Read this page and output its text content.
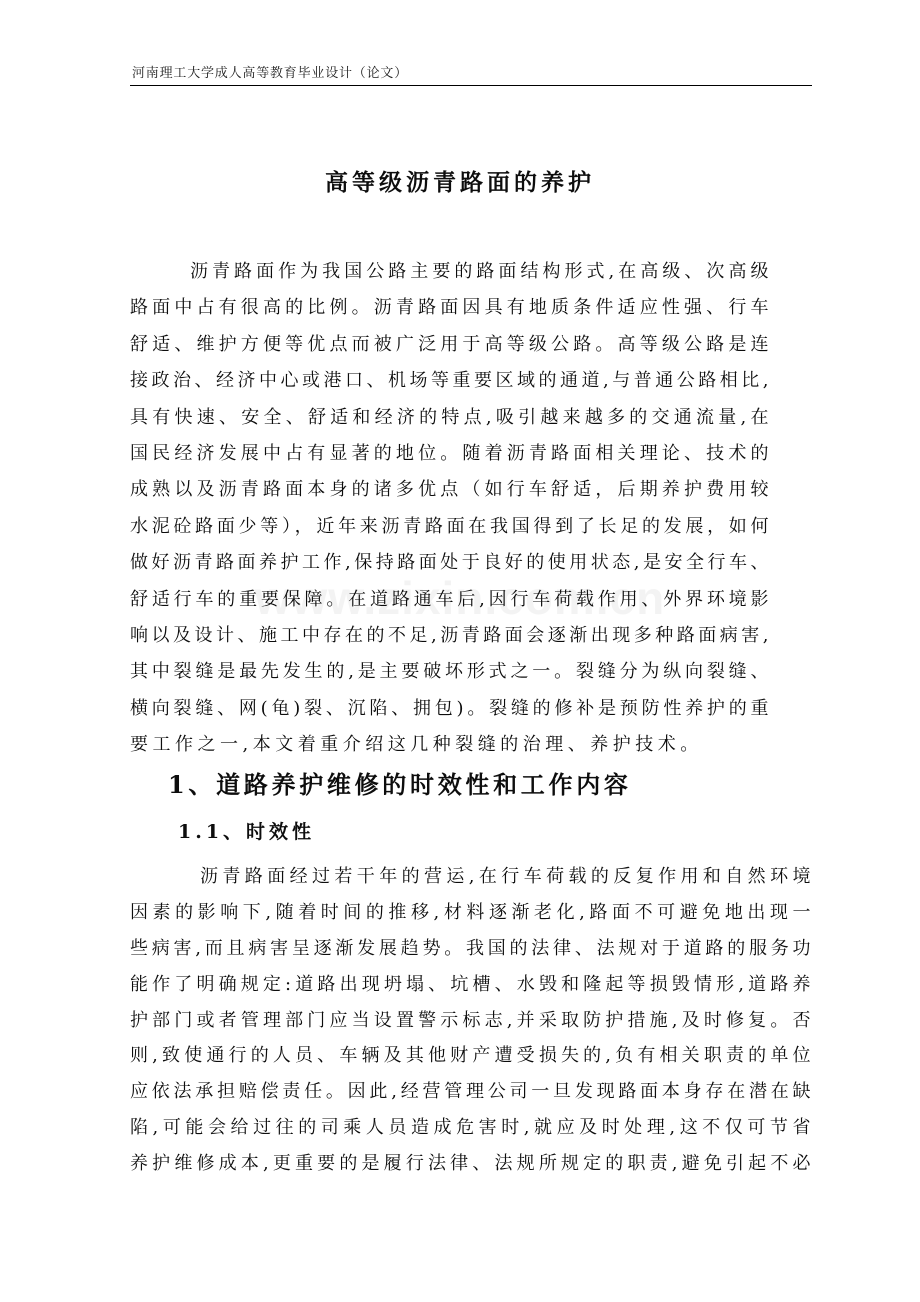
河南理工大学成人高等教育毕业设计（论文）
高等级沥青路面的养护
沥青路面作为我国公路主要的路面结构形式,在高级、次高级
路面中占有很高的比例。沥青路面因具有地质条件适应性强、行车
舒适、维护方便等优点而被广泛用于高等级公路。高等级公路是连
接政治、经济中心或港口、机场等重要区域的通道,与普通公路相比,
具有快速、安全、舒适和经济的特点,吸引越来越多的交通流量,在
国民经济发展中占有显著的地位。随着沥青路面相关理论、技术的
成熟以及沥青路面本身的诸多优点（如行车舒适，后期养护费用较
水泥砼路面少等），近年来沥青路面在我国得到了长足的发展，如何
做好沥青路面养护工作,保持路面处于良好的使用状态,是安全行车、
舒适行车的重要保障。在道路通车后,因行车荷载作用、外界环境影
响以及设计、施工中存在的不足,沥青路面会逐渐出现多种路面病害,
其中裂缝是最先发生的,是主要破坏形式之一。裂缝分为纵向裂缝、
横向裂缝、网(龟)裂、沉陷、拥包)。裂缝的修补是预防性养护的重
要工作之一,本文着重介绍这几种裂缝的治理、养护技术。
1、道路养护维修的时效性和工作内容
1.1、时效性
沥青路面经过若干年的营运,在行车荷载的反复作用和自然环境
因素的影响下,随着时间的推移,材料逐渐老化,路面不可避免地出现一
些病害,而且病害呈逐渐发展趋势。我国的法律、法规对于道路的服务功
能作了明确规定:道路出现坍塌、坑槽、水毁和隆起等损毁情形,道路养
护部门或者管理部门应当设置警示标志,并采取防护措施,及时修复。否
则,致使通行的人员、车辆及其他财产遭受损失的,负有相关职责的单位
应依法承担赔偿责任。因此,经营管理公司一旦发现路面本身存在潜在缺
陷,可能会给过往的司乘人员造成危害时,就应及时处理,这不仅可节省
养护维修成本,更重要的是履行法律、法规所规定的职责,避免引起不必
